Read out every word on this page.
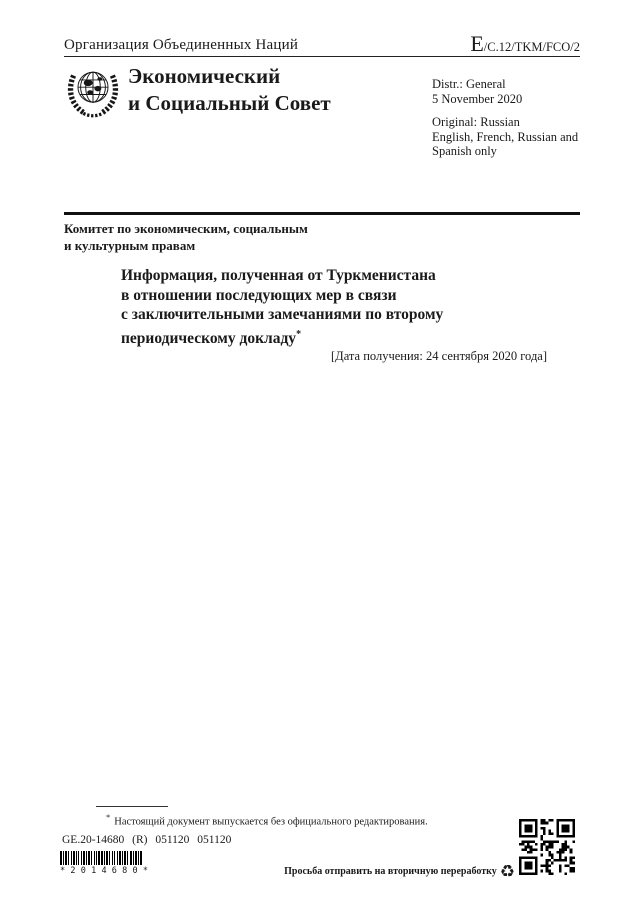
Организация Объединенных Наций	E/C.12/TKM/FCO/2
Экономический
и Социальный Совет
Distr.: General
5 November 2020
Original: Russian
English, French, Russian and
Spanish only
Комитет по экономическим, социальным
и культурным правам
Информация, полученная от Туркменистана
в отношении последующих мер в связи
с заключительными замечаниями по второму
периодическому докладу*
[Дата получения: 24 сентября 2020 года]
* Настоящий документ выпускается без официального редактирования.
GE.20-14680 (R) 051120 051120
* 2 0 1 4 6 8 0 *	Просьба отправить на вторичную переработку ♻
